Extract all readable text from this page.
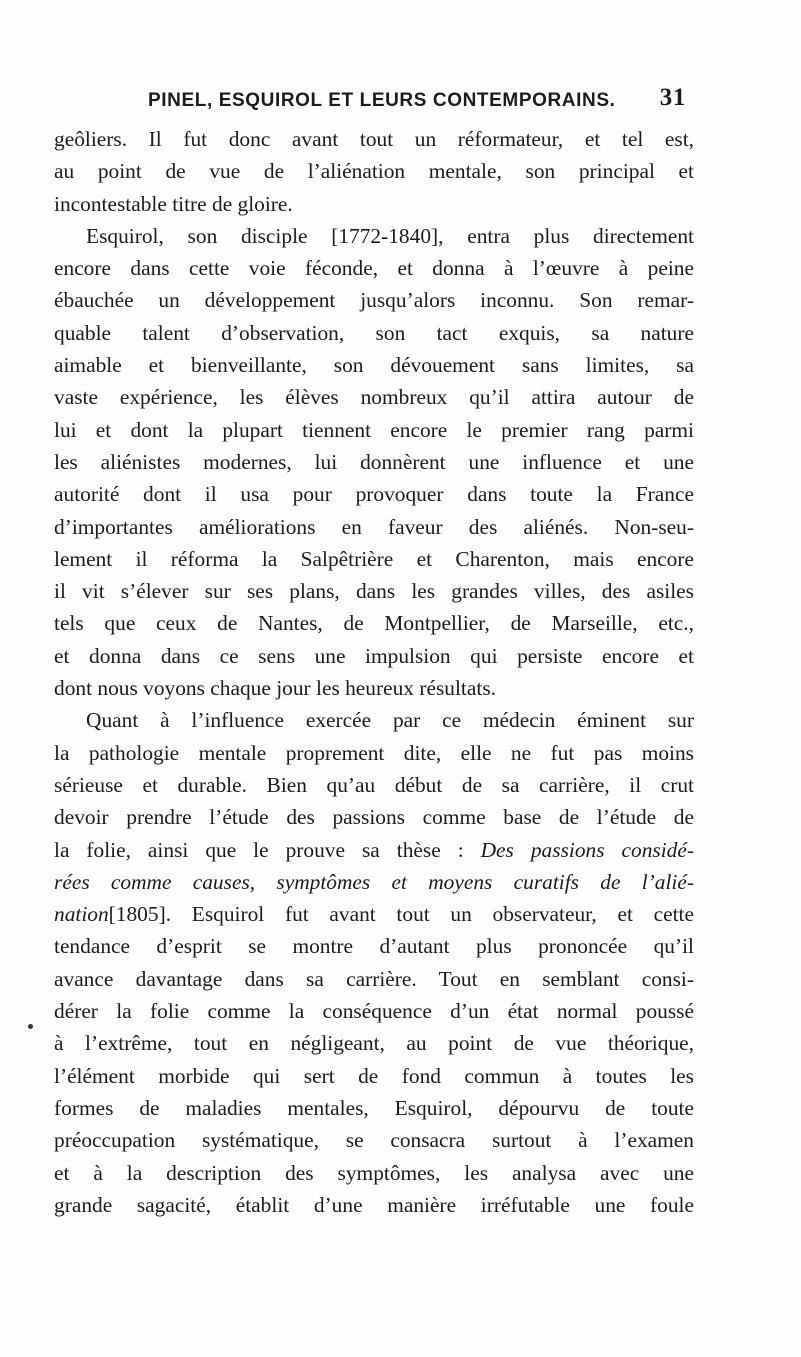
PINEL, ESQUIROL ET LEURS CONTEMPORAINS. 31
geôliers. Il fut donc avant tout un réformateur, et tel est,
au point de vue de l’aliénation mentale, son principal et
incontestable titre de gloire.
Esquirol, son disciple [1772-1840], entra plus directement
encore dans cette voie féconde, et donna à l’œuvre à peine
ébauchée un développement jusqu’alors inconnu. Son remar-
quable talent d’observation, son tact exquis, sa nature
aimable et bienveillante, son dévouement sans limites, sa
vaste expérience, les élèves nombreux qu’il attira autour de
lui et dont la plupart tiennent encore le premier rang parmi
les aliénistes modernes, lui donnèrent une influence et une
autorité dont il usa pour provoquer dans toute la France
d’importantes améliorations en faveur des aliénés. Non-seu-
lement il réforma la Salpêtrière et Charenton, mais encore
il vit s’élever sur ses plans, dans les grandes villes, des asiles
tels que ceux de Nantes, de Montpellier, de Marseille, etc.,
et donna dans ce sens une impulsion qui persiste encore et
dont nous voyons chaque jour les heureux résultats.
Quant à l’influence exercée par ce médecin éminent sur
la pathologie mentale proprement dite, elle ne fut pas moins
sérieuse et durable. Bien qu’au début de sa carrière, il crut
devoir prendre l’étude des passions comme base de l’étude de
la folie, ainsi que le prouve sa thèse : Des passions considé-
rées comme causes, symptômes et moyens curatifs de l’alié-
nation[1805]. Esquirol fut avant tout un observateur, et cette
tendance d’esprit se montre d’autant plus prononcée qu’il
avance davantage dans sa carrière. Tout en semblant consi-
dérer la folie comme la conséquence d’un état normal poussé
à l’extrême, tout en négligeant, au point de vue théorique,
l’élément morbide qui sert de fond commun à toutes les
formes de maladies mentales, Esquirol, dépourvu de toute
préoccupation systématique, se consacra surtout à l’examen
et à la description des symptômes, les analysa avec une
grande sagacité, établit d’une manière irréfutable une foule
